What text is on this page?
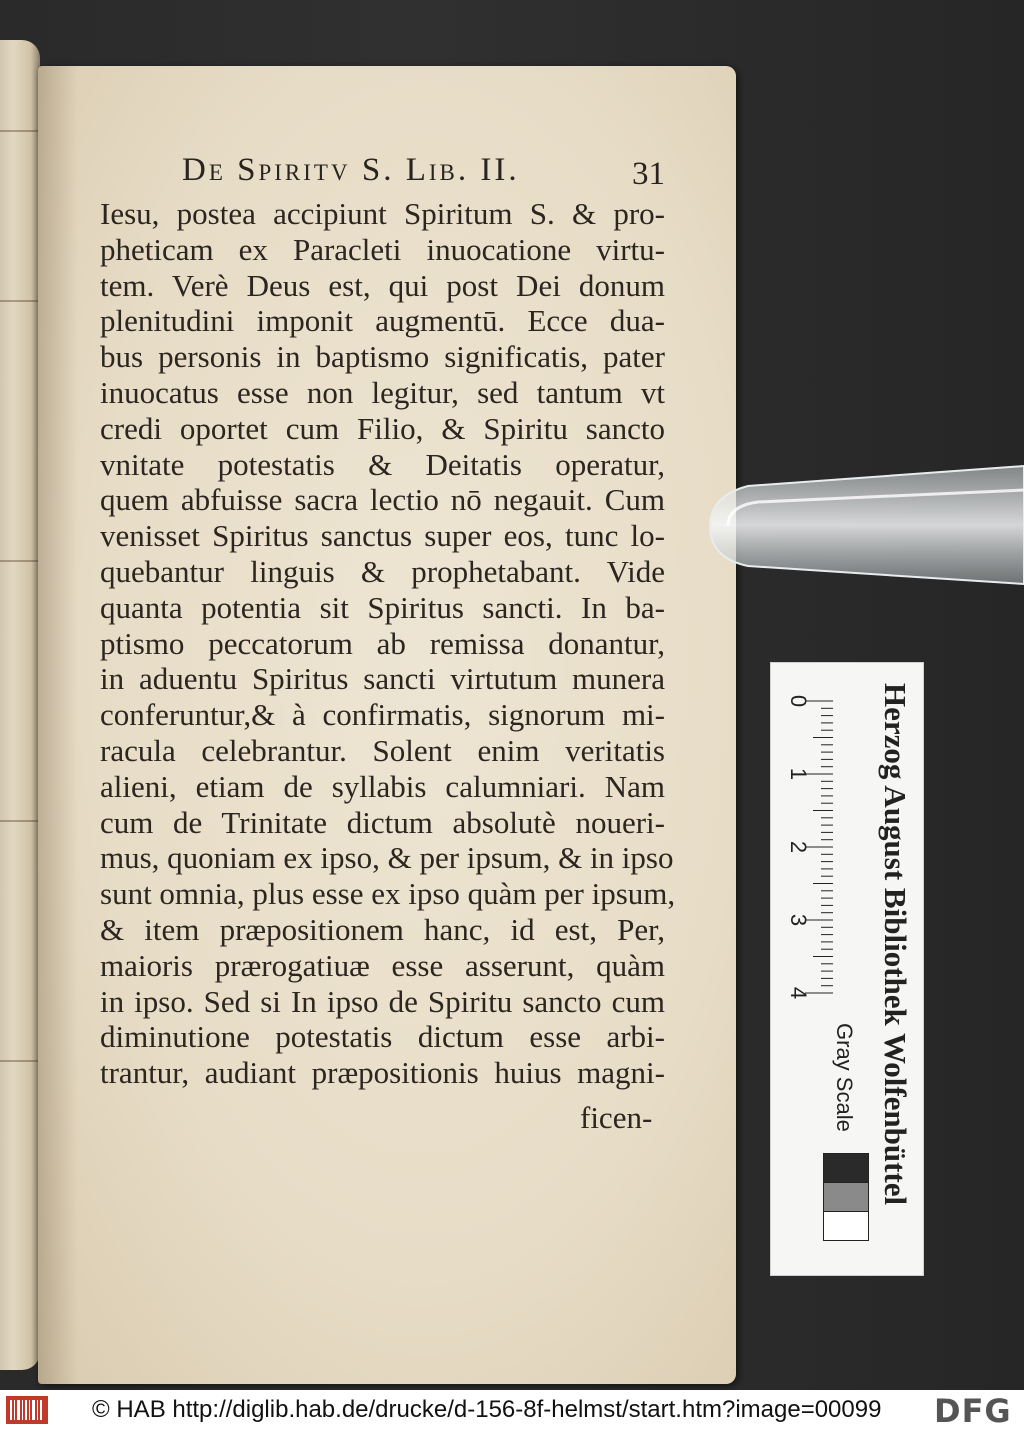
De Spiritv S. Lib. II.	31
Iesu, postea accipiunt Spiritum S. & pro-
pheticam ex Paracleti inuocatione virtu-
tem. Verè Deus est, qui post Dei donum
plenitudini imponit augmentū. Ecce dua-
bus personis in baptismo significatis, pater
inuocatus esse non legitur, sed tantum vt
credi oportet cum Filio, & Spiritu sancto
vnitate potestatis & Deitatis operatur,
quem abfuisse sacra lectio nō negauit. Cum
venisset Spiritus sanctus super eos, tunc lo-
quebantur linguis & prophetabant. Vide
quanta potentia sit Spiritus sancti. In ba-
ptismo peccatorum ab remissa donantur,
in aduentu Spiritus sancti virtutum munera
conferuntur,& à confirmatis, signorum mi-
racula celebrantur. Solent enim veritatis
alieni, etiam de syllabis calumniari. Nam
cum de Trinitate dictum absolutè noueri-
mus, quoniam ex ipso, & per ipsum, & in ipso
sunt omnia, plus esse ex ipso quàm per ipsum,
& item præpositionem hanc, id est, Per,
maioris prærogatiuæ esse asserunt, quàm
in ipso. Sed si In ipso de Spiritu sancto cum
diminutione potestatis dictum esse arbi-
trantur, audiant præpositionis huius magni-
ficen-
0
1
2
3
4 Herzog August Bibliothek Wolfenbüttel
Gray Scale
© HAB http://diglib.hab.de/drucke/d-156-8f-helmst/start.htm?image=00099 DFG
